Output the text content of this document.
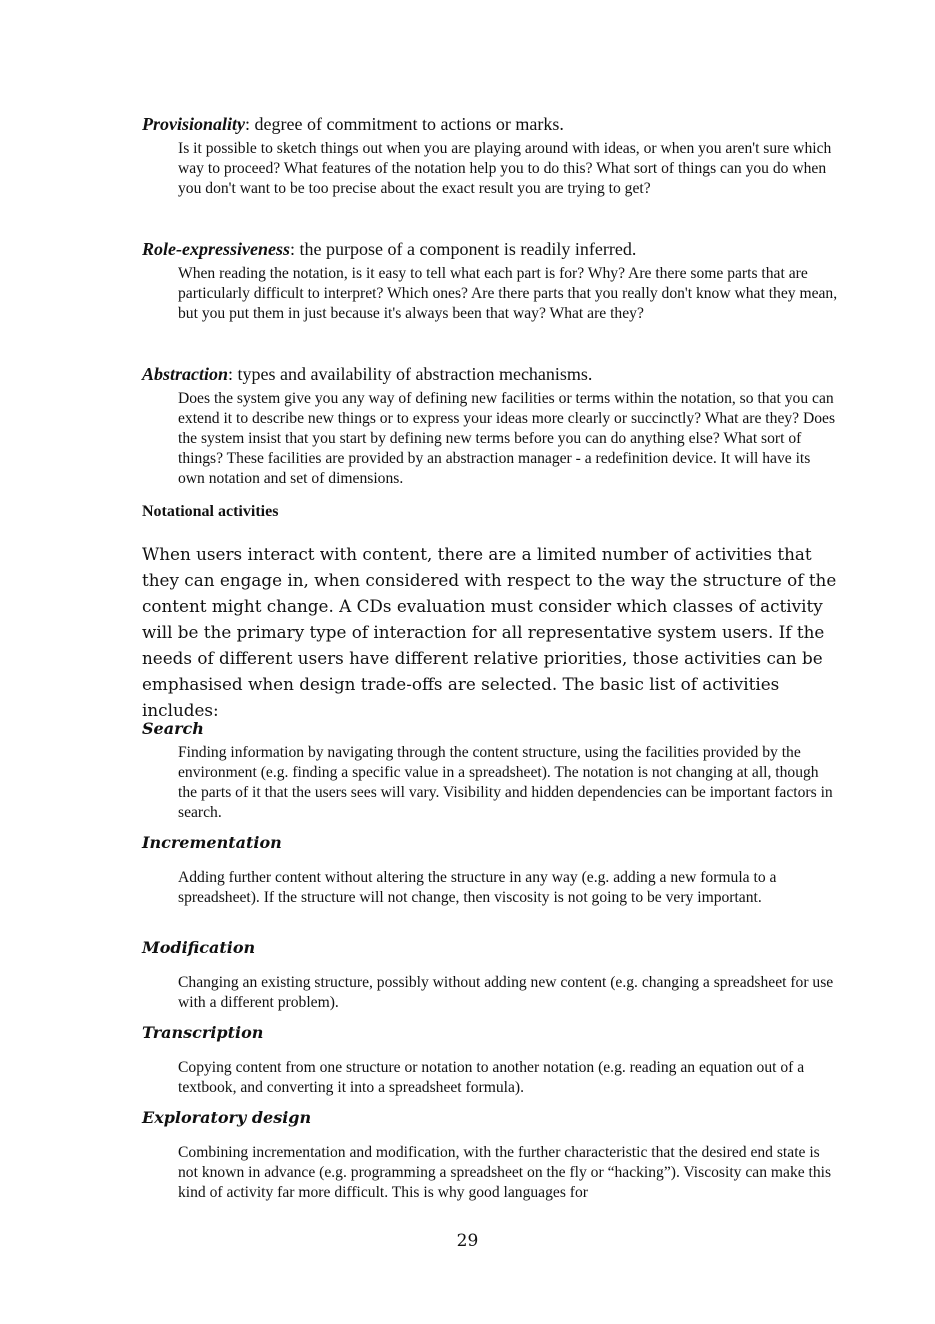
Provisionality: degree of commitment to actions or marks.

Is it possible to sketch things out when you are playing around with ideas, or when you aren't sure which way to proceed? What features of the notation help you to do this? What sort of things can you do when you don't want to be too precise about the exact result you are trying to get?

Role-expressiveness: the purpose of a component is readily inferred.

When reading the notation, is it easy to tell what each part is for? Why? Are there some parts that are particularly difficult to interpret? Which ones? Are there parts that you really don't know what they mean, but you put them in just because it's always been that way? What are they?

Abstraction: types and availability of abstraction mechanisms.

Does the system give you any way of defining new facilities or terms within the notation, so that you can extend it to describe new things or to express your ideas more clearly or succinctly? What are they? Does the system insist that you start by defining new terms before you can do anything else? What sort of things? These facilities are provided by an abstraction manager - a redefinition device. It will have its own notation and set of dimensions.

Notational activities

When users interact with content, there are a limited number of activities that they can engage in, when considered with respect to the way the structure of the content might change. A CDs evaluation must consider which classes of activity will be the primary type of interaction for all representative system users. If the needs of different users have different relative priorities, those activities can be emphasised when design trade-offs are selected. The basic list of activities includes:

Search

Finding information by navigating through the content structure, using the facilities provided by the environment (e.g. finding a specific value in a spreadsheet). The notation is not changing at all, though the parts of it that the users sees will vary. Visibility and hidden dependencies can be important factors in search.

Incrementation

Adding further content without altering the structure in any way (e.g. adding a new formula to a spreadsheet). If the structure will not change, then viscosity is not going to be very important.

Modification

Changing an existing structure, possibly without adding new content (e.g. changing a spreadsheet for use with a different problem).

Transcription

Copying content from one structure or notation to another notation (e.g. reading an equation out of a textbook, and converting it into a spreadsheet formula).

Exploratory design

Combining incrementation and modification, with the further characteristic that the desired end state is not known in advance (e.g. programming a spreadsheet on the fly or “hacking”). Viscosity can make this kind of activity far more difficult. This is why good languages for

29
